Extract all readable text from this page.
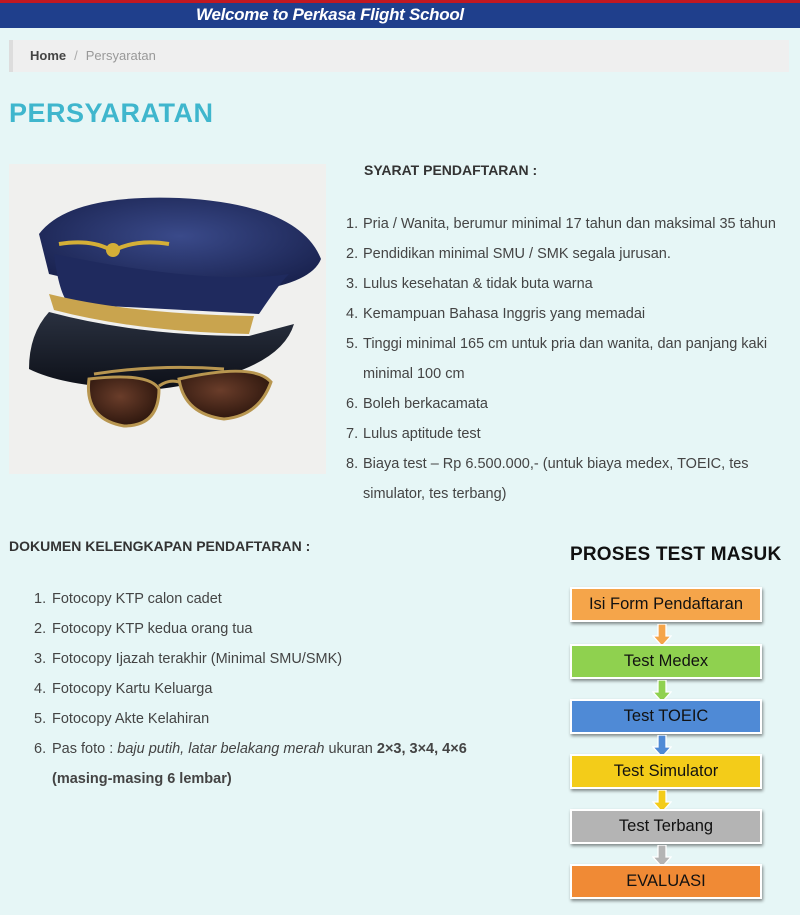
Welcome to Perkasa Flight School
Home / Persyaratan
PERSYARATAN
SYARAT PENDAFTARAN :
1. Pria / Wanita, berumur minimal 17 tahun dan maksimal 35 tahun
2. Pendidikan minimal SMU / SMK segala jurusan.
3. Lulus kesehatan & tidak buta warna
4. Kemampuan Bahasa Inggris yang memadai
5. Tinggi minimal 165 cm untuk pria dan wanita, dan panjang kaki minimal 100 cm
6. Boleh berkacamata
7. Lulus aptitude test
8. Biaya test – Rp 6.500.000,- (untuk biaya medex, TOEIC, tes simulator, tes terbang)
DOKUMEN KELENGKAPAN PENDAFTARAN :
1. Fotocopy KTP calon cadet
2. Fotocopy KTP kedua orang tua
3. Fotocopy Ijazah terakhir (Minimal SMU/SMK)
4. Fotocopy Kartu Keluarga
5. Fotocopy Akte Kelahiran
6. Pas foto : baju putih, latar belakang merah ukuran 2×3, 3×4, 4×6
(masing-masing 6 lembar)
PROSES TEST MASUK
Isi Form Pendaftaran
Test Medex
Test TOEIC
Test Simulator
Test Terbang
EVALUASI
